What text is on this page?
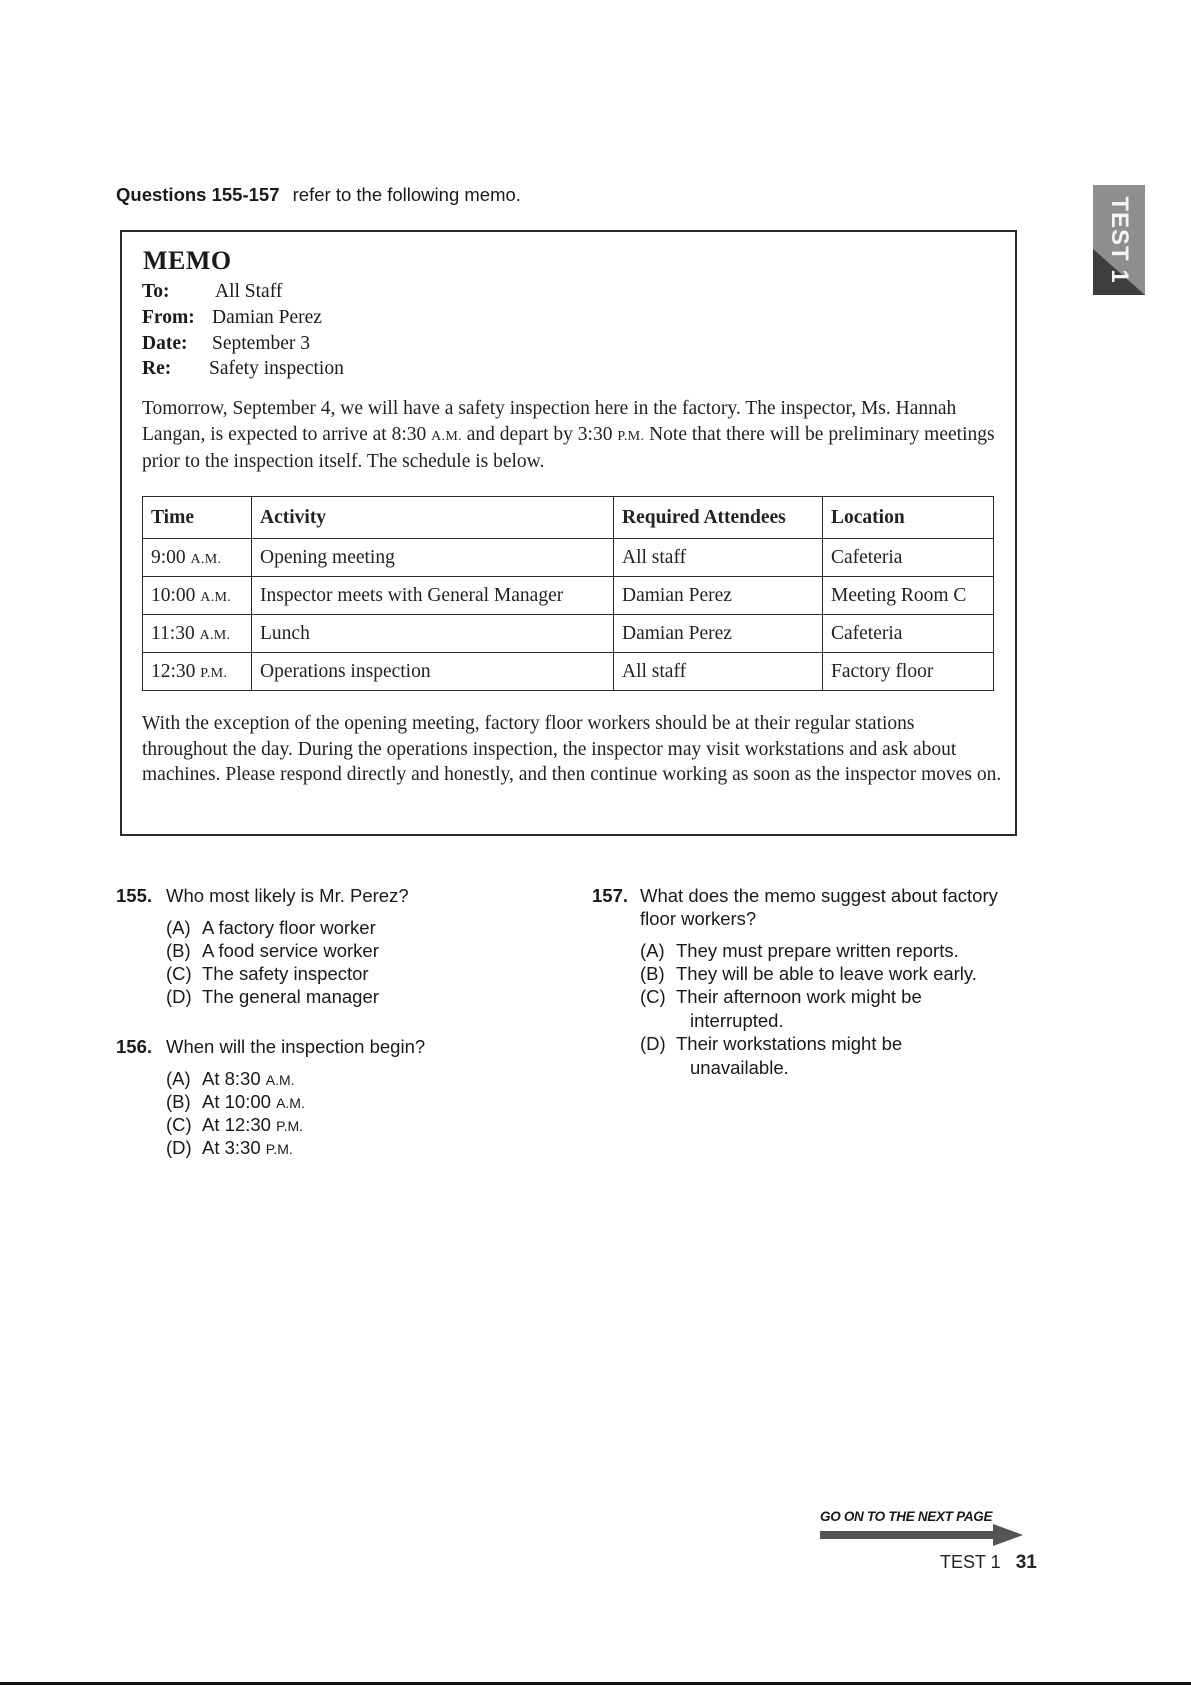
Questions 155-157 refer to the following memo.
TEST 1
MEMO
To: All Staff
From: Damian Perez
Date: September 3
Re: Safety inspection
Tomorrow, September 4, we will have a safety inspection here in the factory. The inspector, Ms. Hannah Langan, is expected to arrive at 8:30 A.M. and depart by 3:30 P.M. Note that there will be preliminary meetings prior to the inspection itself. The schedule is below.
Time	Activity	Required Attendees	Location
9:00 A.M.	Opening meeting	All staff	Cafeteria
10:00 A.M.	Inspector meets with General Manager	Damian Perez	Meeting Room C
11:30 A.M.	Lunch	Damian Perez	Cafeteria
12:30 P.M.	Operations inspection	All staff	Factory floor
With the exception of the opening meeting, factory floor workers should be at their regular stations throughout the day. During the operations inspection, the inspector may visit workstations and ask about machines. Please respond directly and honestly, and then continue working as soon as the inspector moves on.
155. Who most likely is Mr. Perez?
(A) A factory floor worker
(B) A food service worker
(C) The safety inspector
(D) The general manager
156. When will the inspection begin?
(A) At 8:30 A.M.
(B) At 10:00 A.M.
(C) At 12:30 P.M.
(D) At 3:30 P.M.
157. What does the memo suggest about factory
floor workers?
(A) They must prepare written reports.
(B) They will be able to leave work early.
(C) Their afternoon work might be
interrupted.
(D) Their workstations might be
unavailable.
GO ON TO THE NEXT PAGE
TEST 1 31
